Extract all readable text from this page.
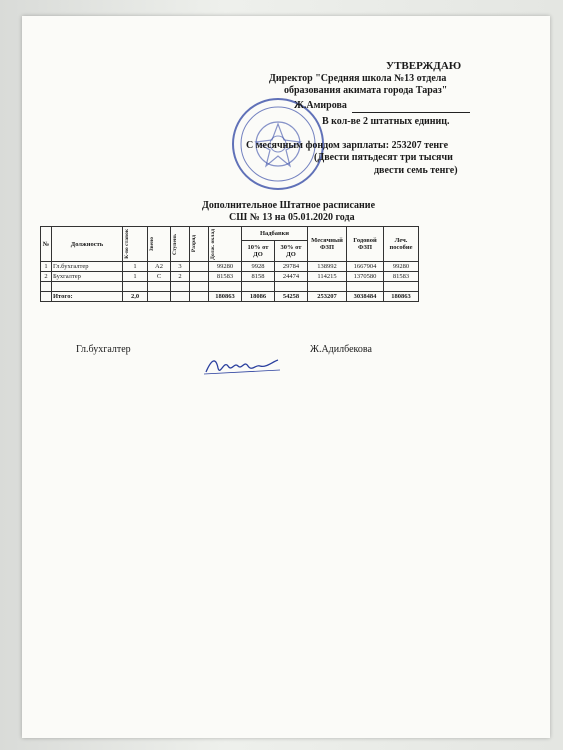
УТВЕРЖДАЮ
Директор "Средняя школа №13 отдела
образования акимата города Тараз"
Ж.Амирова
В кол-ве 2 штатных единиц.
С месячным фондом зарплаты: 253207 тенге
(Двести пятьдесят три тысячи
двести семь тенге)
Дополнительное Штатное расписание
СШ № 13 на 05.01.2020 года
№	Должность	К-во ставок	Звено	Ступень	Разряд	Долж. оклад	Надбавки		Месячный ФЗП	Годовой ФЗП	Леч. пособие
							10% от ДО	30% от ДО			
1	Гл.бухгалтер	1	А2	3		99280	9928	29784	138992	1667904	99280
2	Бухгалтер	1	С	2		81583	8158	24474	114215	1370580	81583

	Итого:	2,0				180863	18086	54258	253207	3038484	180863
Гл.бухгалтер	Ж.Адилбекова
